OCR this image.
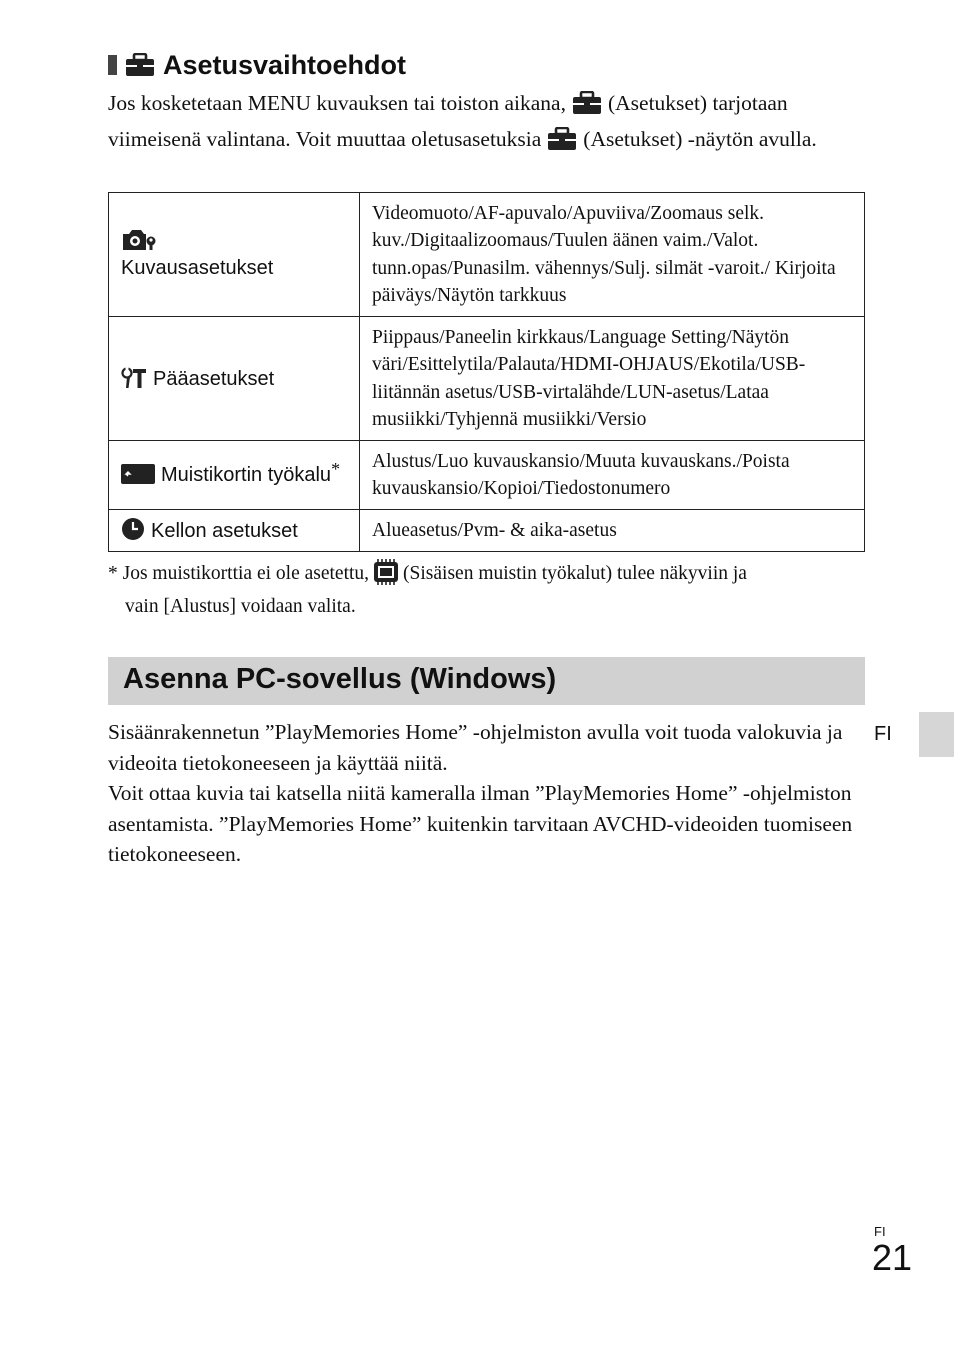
Asetusvaihtoehdot
Jos kosketetaan MENU kuvauksen tai toiston aikana, (Asetukset) tarjotaan viimeisenä valintana. Voit muuttaa oletusasetuksia (Asetukset) -näytön avulla.
Kuvausasetukset	Videomuoto/AF-apuvalo/Apuviiva/Zoomaus selk. kuv./Digitaalizoomaus/Tuulen äänen vaim./Valot. tunn.opas/Punasilm. vähennys/Sulj. silmät -varoit./ Kirjoita päiväys/Näytön tarkkuus
Pääasetukset	Piippaus/Paneelin kirkkaus/Language Setting/Näytön väri/Esittelytila/Palauta/HDMI-OHJAUS/Ekotila/USB-liitännän asetus/USB-virtalähde/LUN-asetus/Lataa musiikki/Tyhjennä musiikki/Versio
Muistikortin työkalu*	Alustus/Luo kuvauskansio/Muuta kuvauskans./Poista kuvauskansio/Kopioi/Tiedostonumero
Kellon asetukset	Alueasetus/Pvm- & aika-asetus
* Jos muistikorttia ei ole asetettu, (Sisäisen muistin työkalut) tulee näkyviin ja
vain [Alustus] voidaan valita.
Asenna PC-sovellus (Windows)
Sisäänrakennetun ”PlayMemories Home” -ohjelmiston avulla voit tuoda valokuvia ja videoita tietokoneeseen ja käyttää niitä.
Voit ottaa kuvia tai katsella niitä kameralla ilman ”PlayMemories Home” -ohjelmiston asentamista. ”PlayMemories Home” kuitenkin tarvitaan AVCHD-videoiden tuomiseen tietokoneeseen.
FI
FI
21
